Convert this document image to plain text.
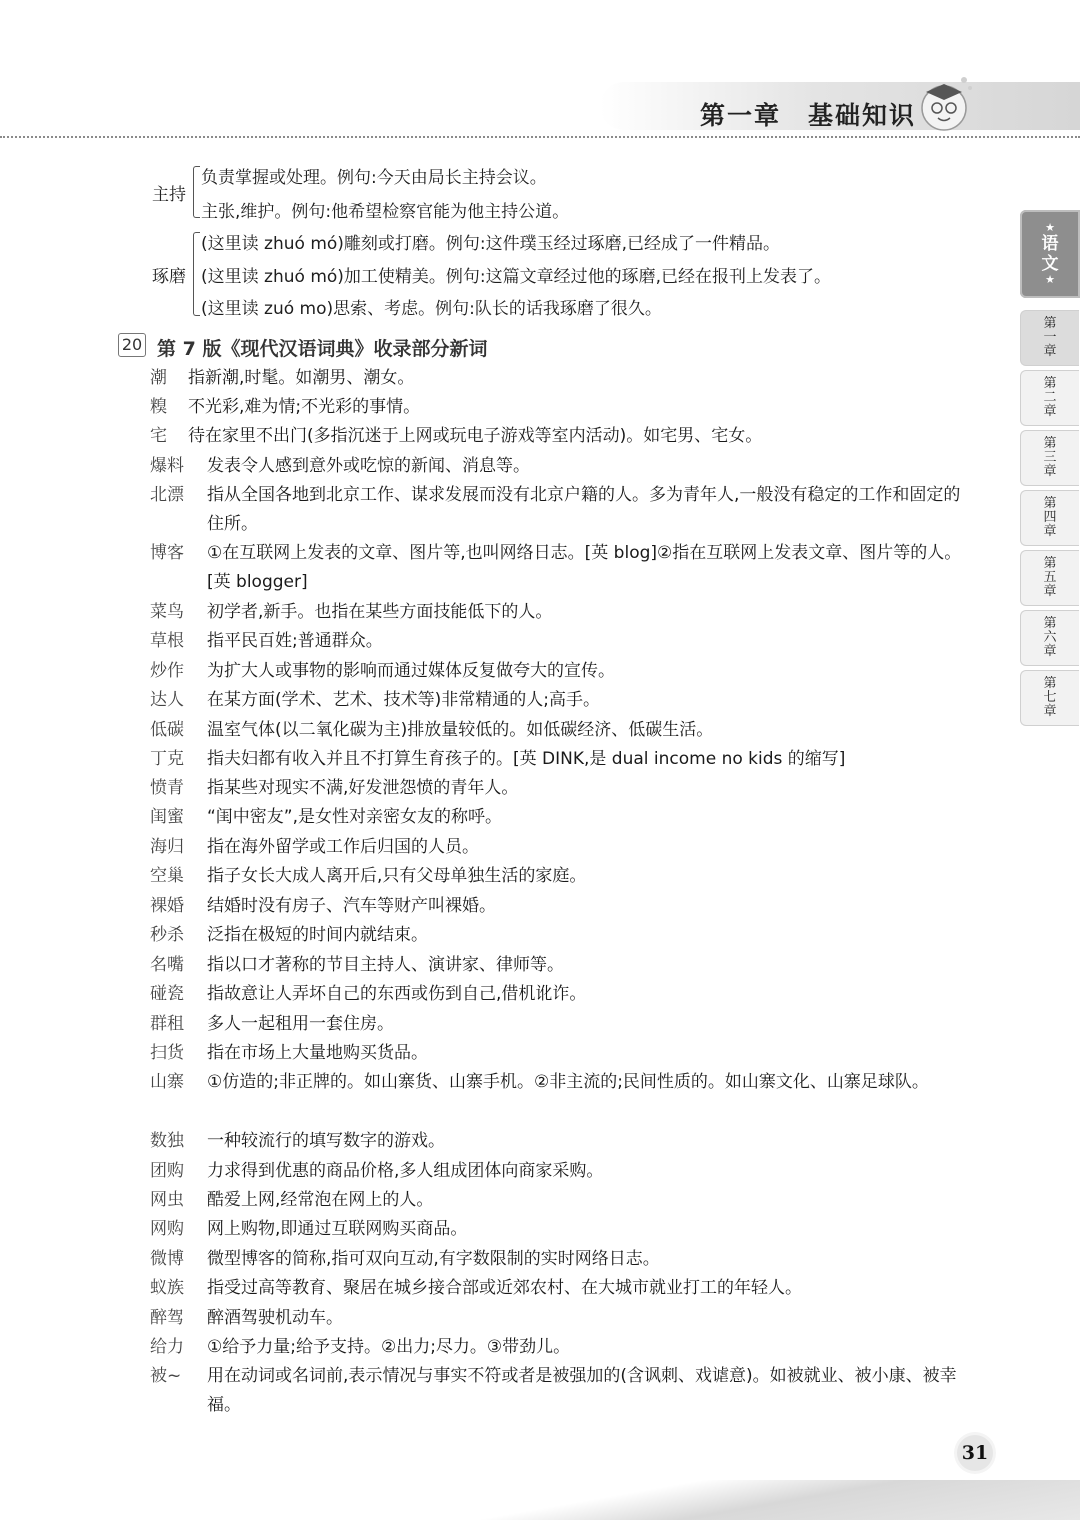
第一章　基础知识
★
语
文
★
第
一
章
第
二
章
第
三
章
第
四
章
第
五
章
第
六
章
第
七
章
主持
负责掌握或处理。例句:今天由局长主持会议。
主张,维护。例句:他希望检察官能为他主持公道。
琢磨
(这里读 zhuó mó)雕刻或打磨。例句:这件璞玉经过琢磨,已经成了一件精品。
(这里读 zhuó mó)加工使精美。例句:这篇文章经过他的琢磨,已经在报刊上发表了。
(这里读 zuó mo)思索、考虑。例句:队长的话我琢磨了很久。
20 第 7 版《现代汉语词典》收录部分新词
潮	指新潮,时髦。如潮男、潮女。
糗	不光彩,难为情;不光彩的事情。
宅	待在家里不出门(多指沉迷于上网或玩电子游戏等室内活动)。如宅男、宅女。
爆料	发表令人感到意外或吃惊的新闻、消息等。
北漂	指从全国各地到北京工作、谋求发展而没有北京户籍的人。多为青年人,一般没有稳定的工作和固定的住所。
博客	①在互联网上发表的文章、图片等,也叫网络日志。[英 blog]②指在互联网上发表文章、图片等的人。[英 blogger]
菜鸟	初学者,新手。也指在某些方面技能低下的人。
草根	指平民百姓;普通群众。
炒作	为扩大人或事物的影响而通过媒体反复做夸大的宣传。
达人	在某方面(学术、艺术、技术等)非常精通的人;高手。
低碳	温室气体(以二氧化碳为主)排放量较低的。如低碳经济、低碳生活。
丁克	指夫妇都有收入并且不打算生育孩子的。[英 DINK,是 dual income no kids 的缩写]
愤青	指某些对现实不满,好发泄怨愤的青年人。
闺蜜	“闺中密友”,是女性对亲密女友的称呼。
海归	指在海外留学或工作后归国的人员。
空巢	指子女长大成人离开后,只有父母单独生活的家庭。
裸婚	结婚时没有房子、汽车等财产叫裸婚。
秒杀	泛指在极短的时间内就结束。
名嘴	指以口才著称的节目主持人、演讲家、律师等。
碰瓷	指故意让人弄坏自己的东西或伤到自己,借机讹诈。
群租	多人一起租用一套住房。
扫货	指在市场上大量地购买货品。
山寨	①仿造的;非正牌的。如山寨货、山寨手机。②非主流的;民间性质的。如山寨文化、山寨足球队。
数独	一种较流行的填写数字的游戏。
团购	力求得到优惠的商品价格,多人组成团体向商家采购。
网虫	酷爱上网,经常泡在网上的人。
网购	网上购物,即通过互联网购买商品。
微博	微型博客的简称,指可双向互动,有字数限制的实时网络日志。
蚁族	指受过高等教育、聚居在城乡接合部或近郊农村、在大城市就业打工的年轻人。
醉驾	醉酒驾驶机动车。
给力	①给予力量;给予支持。②出力;尽力。③带劲儿。
被~	用在动词或名词前,表示情况与事实不符或者是被强加的(含讽刺、戏谑意)。如被就业、被小康、被幸福。
31
